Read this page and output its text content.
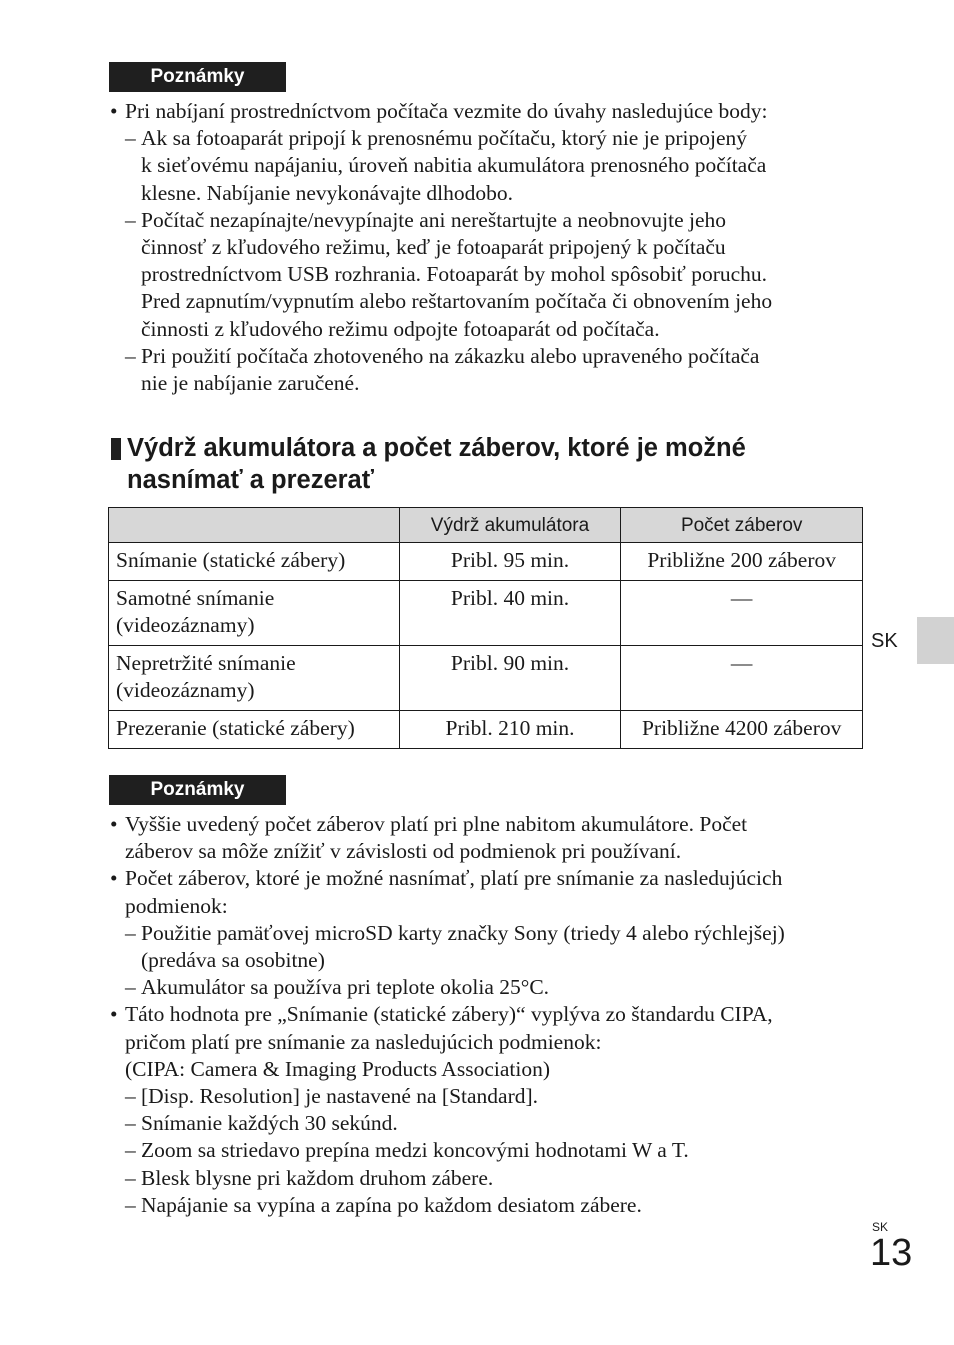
Poznámky
• Pri nabíjaní prostredníctvom počítača vezmite do úvahy nasledujúce body:
– Ak sa fotoaparát pripojí k prenosnému počítaču, ktorý nie je pripojený
k sieťovému napájaniu, úroveň nabitia akumulátora prenosného počítača
klesne. Nabíjanie nevykonávajte dlhodobo.
– Počítač nezapínajte/nevypínajte ani nereštartujte a neobnovujte jeho
činnosť z kľudového režimu, keď je fotoaparát pripojený k počítaču
prostredníctvom USB rozhrania. Fotoaparát by mohol spôsobiť poruchu.
Pred zapnutím/vypnutím alebo reštartovaním počítača či obnovením jeho
činnosti z kľudového režimu odpojte fotoaparát od počítača.
– Pri použití počítača zhotoveného na zákazku alebo upraveného počítača
nie je nabíjanie zaručené.
Výdrž akumulátora a počet záberov, ktoré je možné
nasnímať a prezerať
	Výdrž akumulátora	Počet záberov
Snímanie (statické zábery)	Pribl. 95 min.	Približne 200 záberov

Samotné snímanie
(videozáznamy)	Pribl. 40 min.	—

Nepretržité snímanie
(videozáznamy)	Pribl. 90 min.	—
Prezeranie (statické zábery)	Pribl. 210 min.	Približne 4200 záberov
SK
Poznámky
• Vyššie uvedený počet záberov platí pri plne nabitom akumulátore. Počet
záberov sa môže znížiť v závislosti od podmienok pri používaní.
• Počet záberov, ktoré je možné nasnímať, platí pre snímanie za nasledujúcich
podmienok:
– Použitie pamäťovej microSD karty značky Sony (triedy 4 alebo rýchlejšej)
(predáva sa osobitne)
– Akumulátor sa používa pri teplote okolia 25°C.
• Táto hodnota pre „Snímanie (statické zábery)“ vyplýva zo štandardu CIPA,
pričom platí pre snímanie za nasledujúcich podmienok:
(CIPA: Camera & Imaging Products Association)
– [Disp. Resolution] je nastavené na [Standard].
– Snímanie každých 30 sekúnd.
– Zoom sa striedavo prepína medzi koncovými hodnotami W a T.
– Blesk blysne pri každom druhom zábere.
– Napájanie sa vypína a zapína po každom desiatom zábere.
SK
13
